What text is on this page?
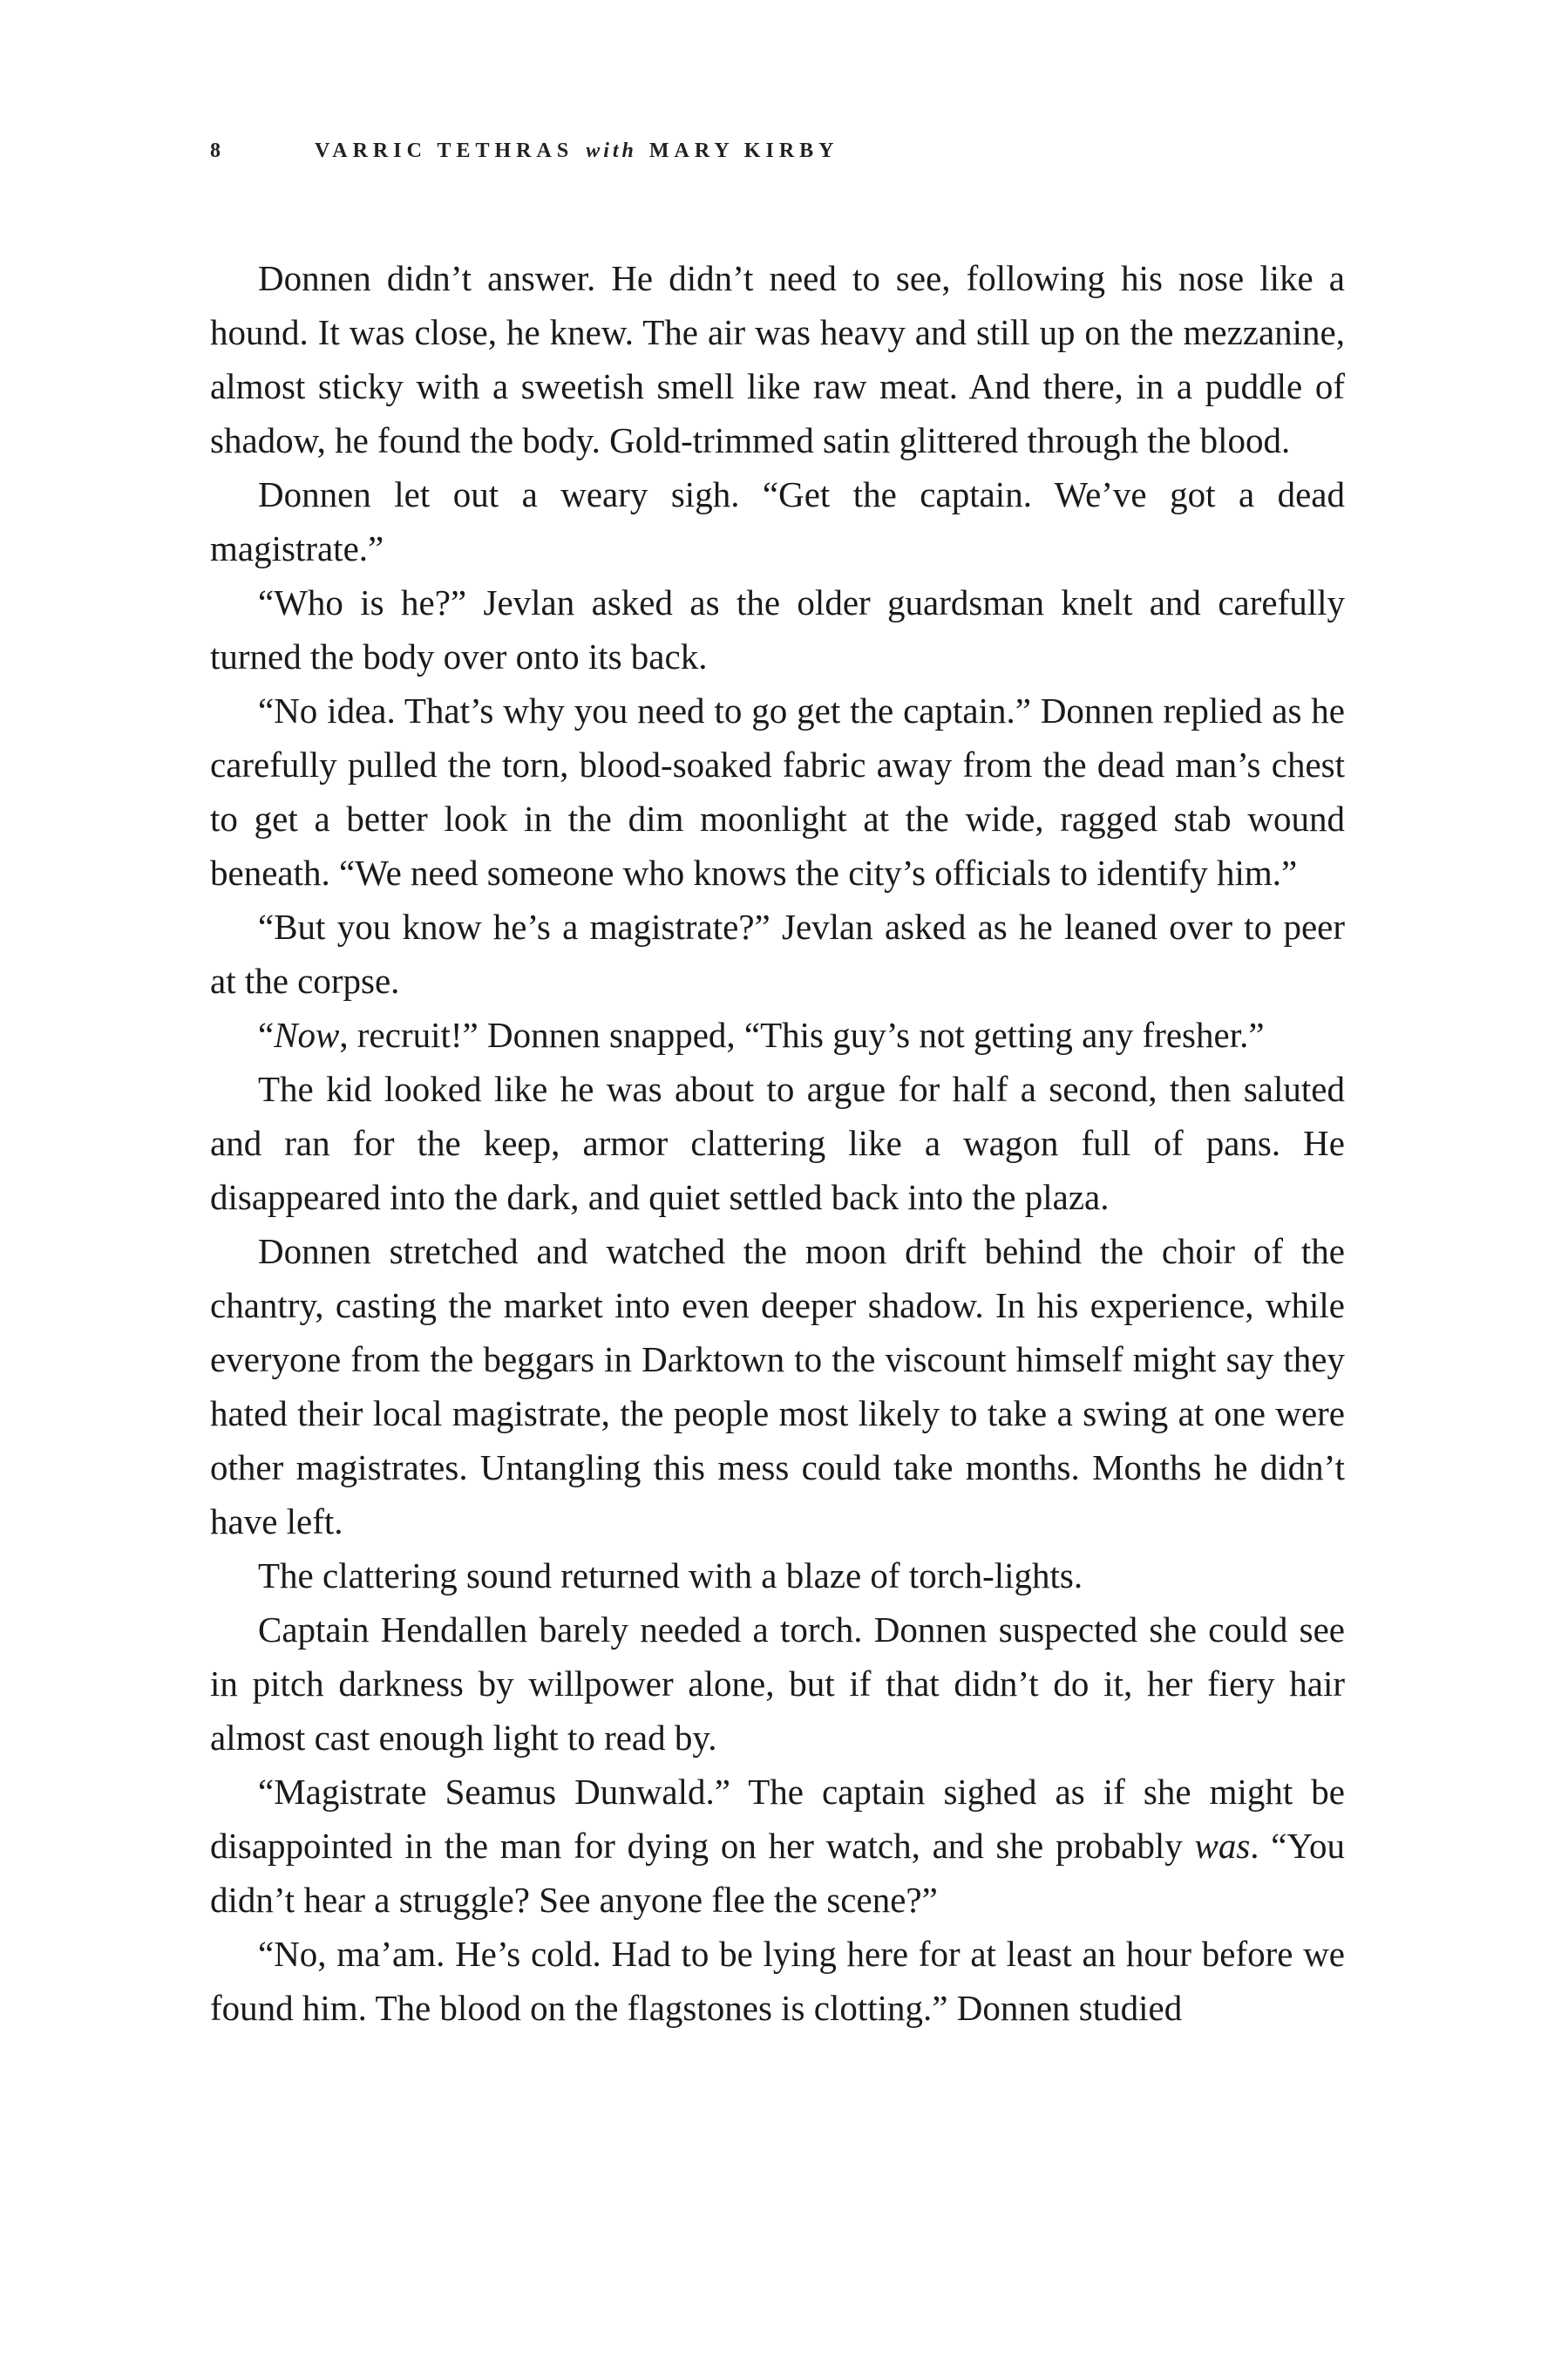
8	VARRIC TETHRAS with MARY KIRBY

Donnen didn’t answer. He didn’t need to see, following his nose like a hound. It was close, he knew. The air was heavy and still up on the mezzanine, almost sticky with a sweetish smell like raw meat. And there, in a puddle of shadow, he found the body. Gold-trimmed satin glittered through the blood.

Donnen let out a weary sigh. “Get the captain. We’ve got a dead magistrate.”

“Who is he?” Jevlan asked as the older guardsman knelt and carefully turned the body over onto its back.

“No idea. That’s why you need to go get the captain.” Donnen replied as he carefully pulled the torn, blood-soaked fabric away from the dead man’s chest to get a better look in the dim moonlight at the wide, ragged stab wound beneath. “We need someone who knows the city’s officials to identify him.”

“But you know he’s a magistrate?” Jevlan asked as he leaned over to peer at the corpse.

“Now, recruit!” Donnen snapped, “This guy’s not getting any fresher.”

The kid looked like he was about to argue for half a second, then saluted and ran for the keep, armor clattering like a wagon full of pans. He disappeared into the dark, and quiet settled back into the plaza.

Donnen stretched and watched the moon drift behind the choir of the chantry, casting the market into even deeper shadow. In his experience, while everyone from the beggars in Darktown to the viscount himself might say they hated their local magistrate, the people most likely to take a swing at one were other magistrates. Untangling this mess could take months. Months he didn’t have left.

The clattering sound returned with a blaze of torch-lights.

Captain Hendallen barely needed a torch. Donnen suspected she could see in pitch darkness by willpower alone, but if that didn’t do it, her fiery hair almost cast enough light to read by.

“Magistrate Seamus Dunwald.” The captain sighed as if she might be disappointed in the man for dying on her watch, and she probably was. “You didn’t hear a struggle? See anyone flee the scene?”

“No, ma’am. He’s cold. Had to be lying here for at least an hour before we found him. The blood on the flagstones is clotting.” Donnen studied
